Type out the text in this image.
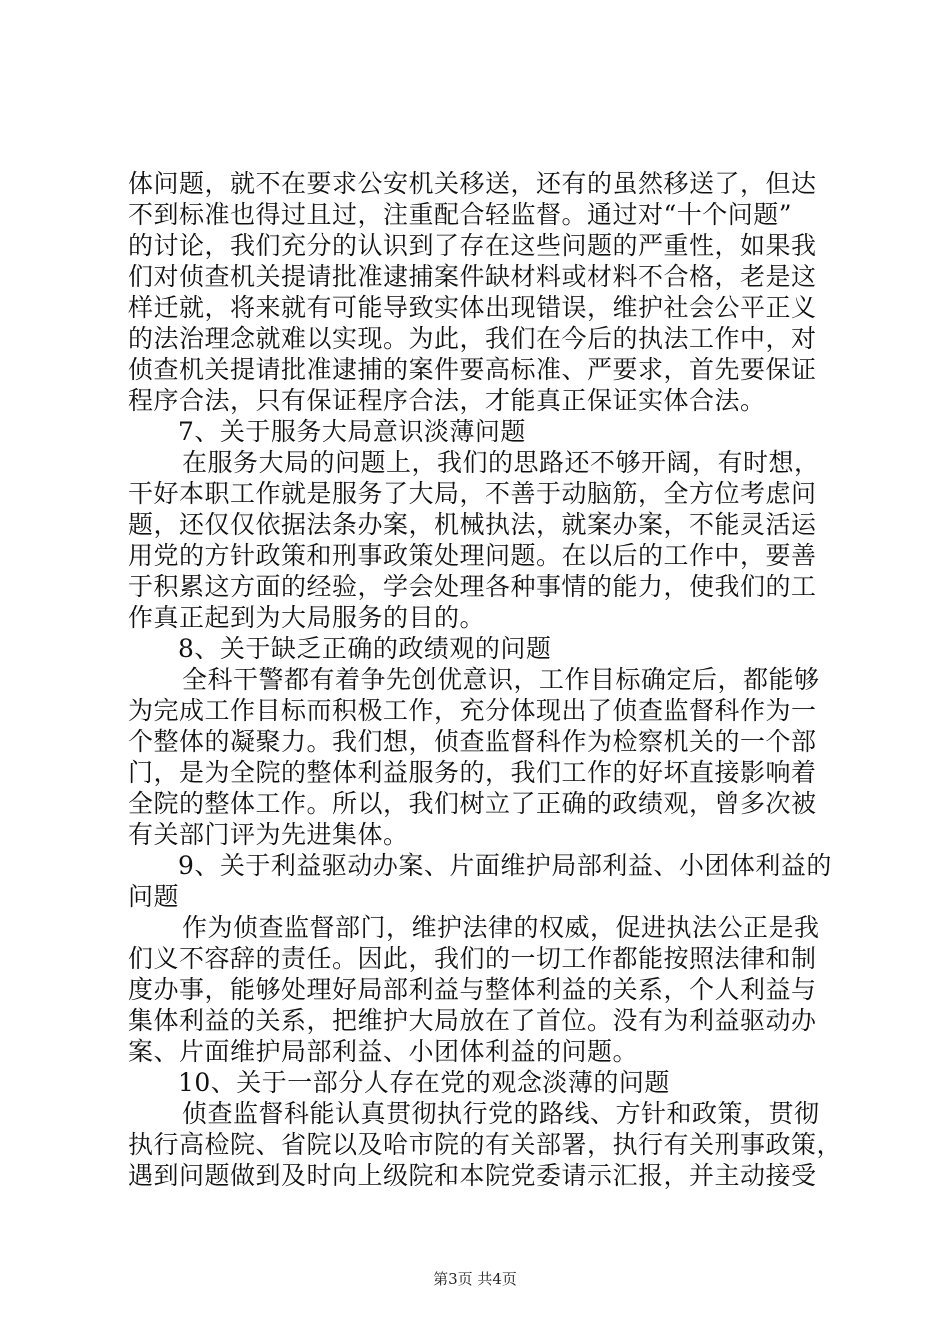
体问题，就不在要求公安机关移送，还有的虽然移送了，但达
不到标准也得过且过，注重配合轻监督。通过对“十个问题”
的讨论，我们充分的认识到了存在这些问题的严重性，如果我
们对侦查机关提请批准逮捕案件缺材料或材料不合格，老是这
样迁就，将来就有可能导致实体出现错误，维护社会公平正义
的法治理念就难以实现。为此，我们在今后的执法工作中，对
侦查机关提请批准逮捕的案件要高标准、严要求，首先要保证
程序合法，只有保证程序合法，才能真正保证实体合法。
7、关于服务大局意识淡薄问题
在服务大局的问题上，我们的思路还不够开阔，有时想，
干好本职工作就是服务了大局，不善于动脑筋，全方位考虑问
题，还仅仅依据法条办案，机械执法，就案办案，不能灵活运
用党的方针政策和刑事政策处理问题。在以后的工作中，要善
于积累这方面的经验，学会处理各种事情的能力，使我们的工
作真正起到为大局服务的目的。
8、关于缺乏正确的政绩观的问题
全科干警都有着争先创优意识，工作目标确定后，都能够
为完成工作目标而积极工作，充分体现出了侦查监督科作为一
个整体的凝聚力。我们想，侦查监督科作为检察机关的一个部
门，是为全院的整体利益服务的，我们工作的好坏直接影响着
全院的整体工作。所以，我们树立了正确的政绩观，曾多次被
有关部门评为先进集体。
9、关于利益驱动办案、片面维护局部利益、小团体利益的
问题
作为侦查监督部门，维护法律的权威，促进执法公正是我
们义不容辞的责任。因此，我们的一切工作都能按照法律和制
度办事，能够处理好局部利益与整体利益的关系，个人利益与
集体利益的关系，把维护大局放在了首位。没有为利益驱动办
案、片面维护局部利益、小团体利益的问题。
10、关于一部分人存在党的观念淡薄的问题
侦查监督科能认真贯彻执行党的路线、方针和政策，贯彻
执行高检院、省院以及哈市院的有关部署，执行有关刑事政策，
遇到问题做到及时向上级院和本院党委请示汇报，并主动接受
第3页 共4页
